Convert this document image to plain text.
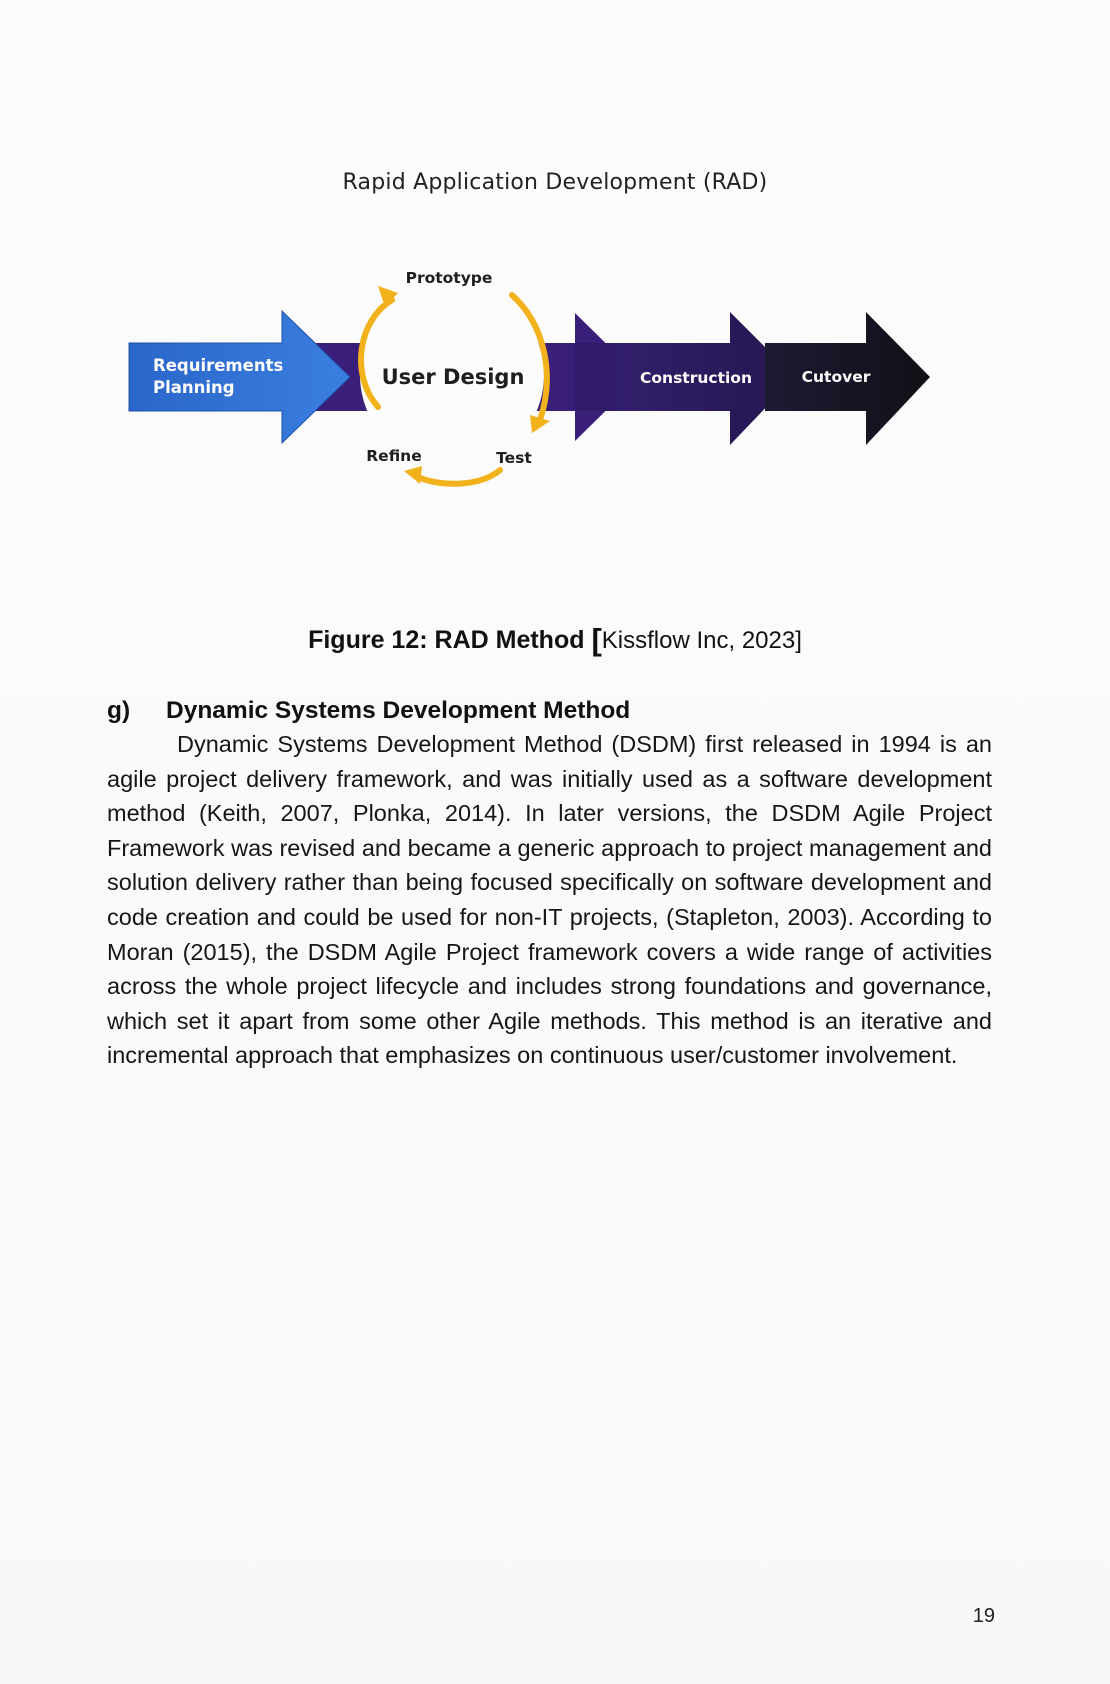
Rapid Application Development (RAD)
Requirements
Planning	User Design	Construction	Cutover
Prototype
Test
Refine
Figure 12: RAD Method [Kissflow Inc, 2023]
g) Dynamic Systems Development Method

Dynamic Systems Development Method (DSDM) first released in 1994 is an agile project delivery framework, and was initially used as a software development method (Keith, 2007, Plonka, 2014). In later versions, the DSDM Agile Project Framework was revised and became a generic approach to project management and solution delivery rather than being focused specifically on software development and code creation and could be used for non-IT projects, (Stapleton, 2003). According to Moran (2015), the DSDM Agile Project framework covers a wide range of activities across the whole project lifecycle and includes strong foundations and governance, which set it apart from some other Agile methods. This method is an iterative and incremental approach that emphasizes on continuous user/customer involvement.

19
